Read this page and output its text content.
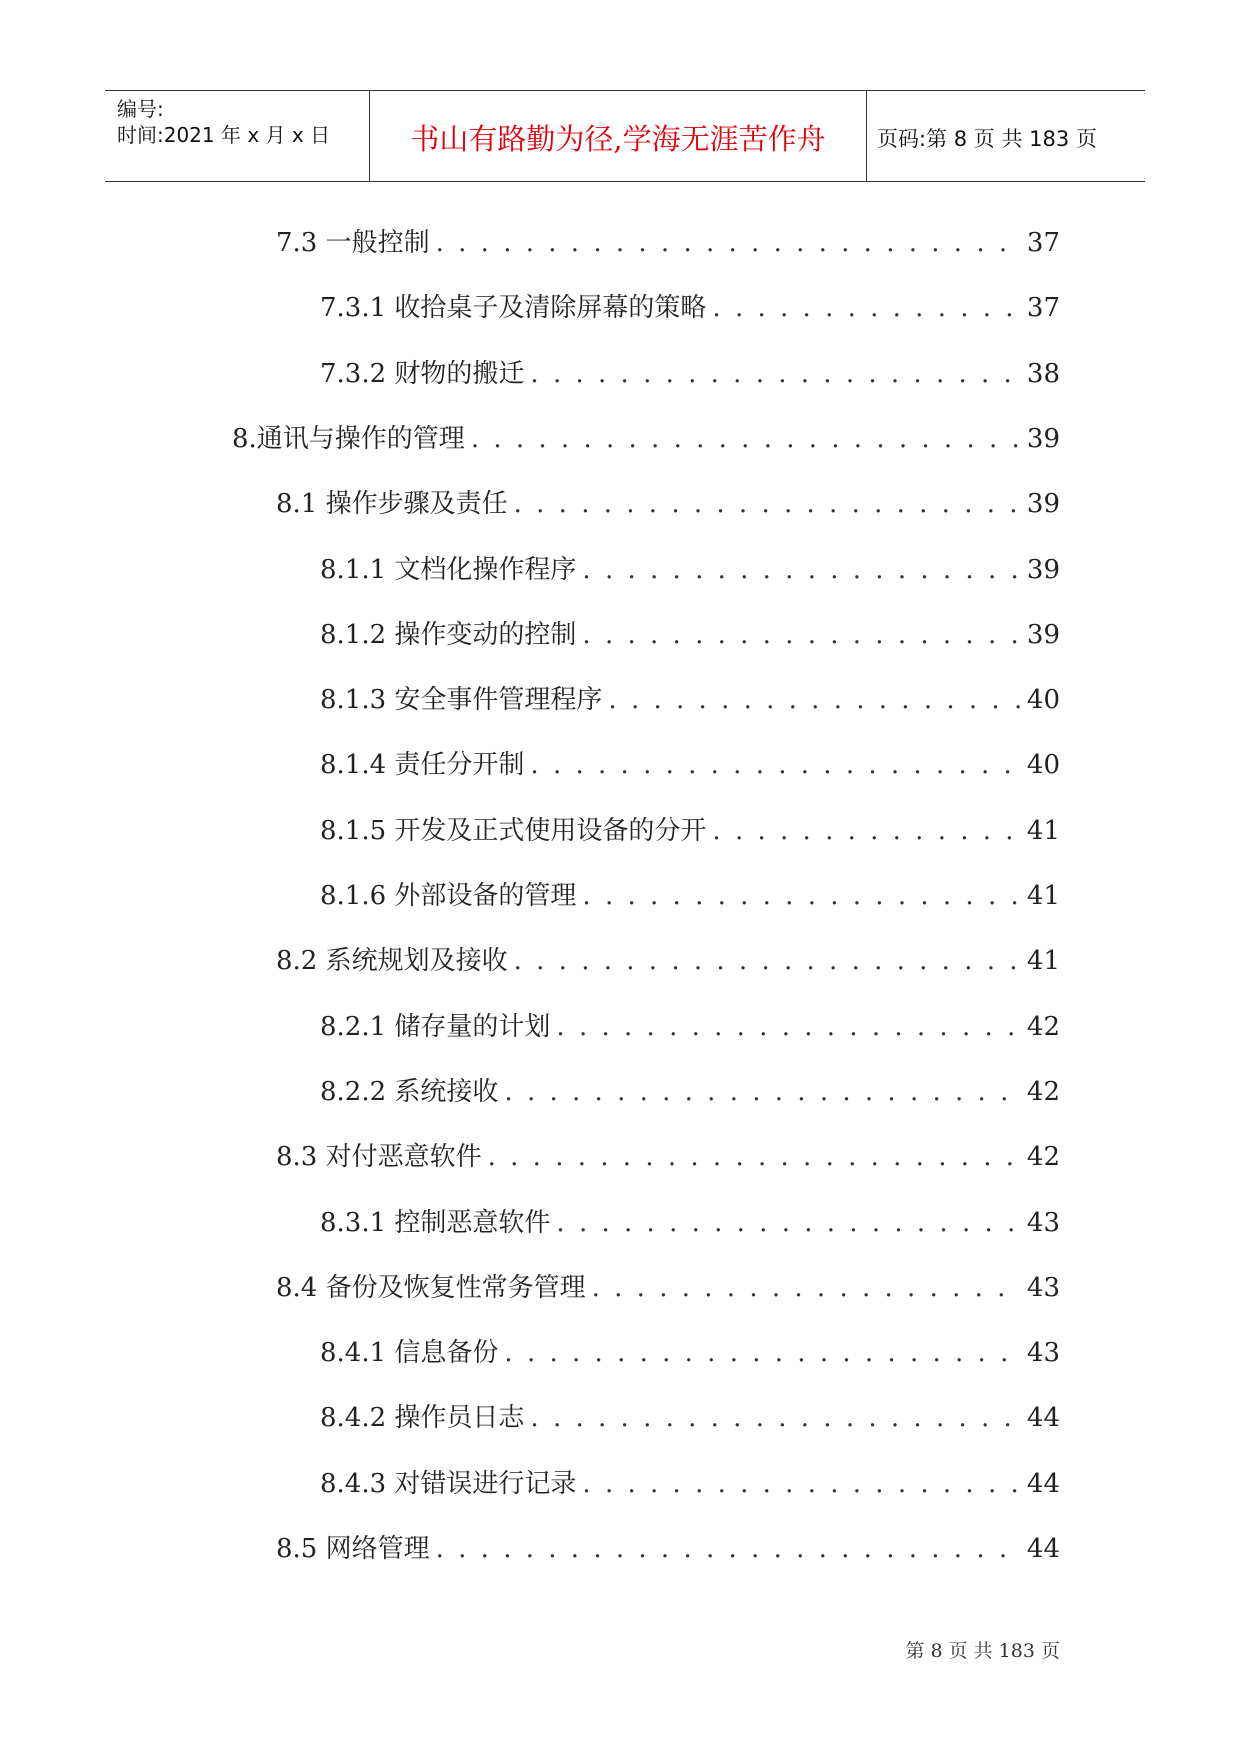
编号:
时间:2021 年 x 月 x 日	书山有路勤为径,学海无涯苦作舟	页码:第 8 页 共 183 页
7.3 一般控制 . . .	37
7.3.1 收拾桌子及清除屏幕的策略 . . .	37
7.3.2 财物的搬迁 . . .	38
8.通讯与操作的管理 . . .	39
8.1 操作步骤及责任 . . .	39
8.1.1 文档化操作程序 . . .	39
8.1.2 操作变动的控制 . . .	39
8.1.3 安全事件管理程序 . . .	40
8.1.4 责任分开制 . . .	40
8.1.5 开发及正式使用设备的分开 . . .	41
8.1.6 外部设备的管理 . . .	41
8.2 系统规划及接收 . . .	41
8.2.1 储存量的计划 . . .	42
8.2.2 系统接收 . . .	42
8.3 对付恶意软件 . . .	42
8.3.1 控制恶意软件 . . .	43
8.4 备份及恢复性常务管理 . . .	43
8.4.1 信息备份 . . .	43
8.4.2 操作员日志 . . .	44
8.4.3 对错误进行记录 . . .	44
8.5 网络管理 . . .	44
第 8 页 共 183 页
